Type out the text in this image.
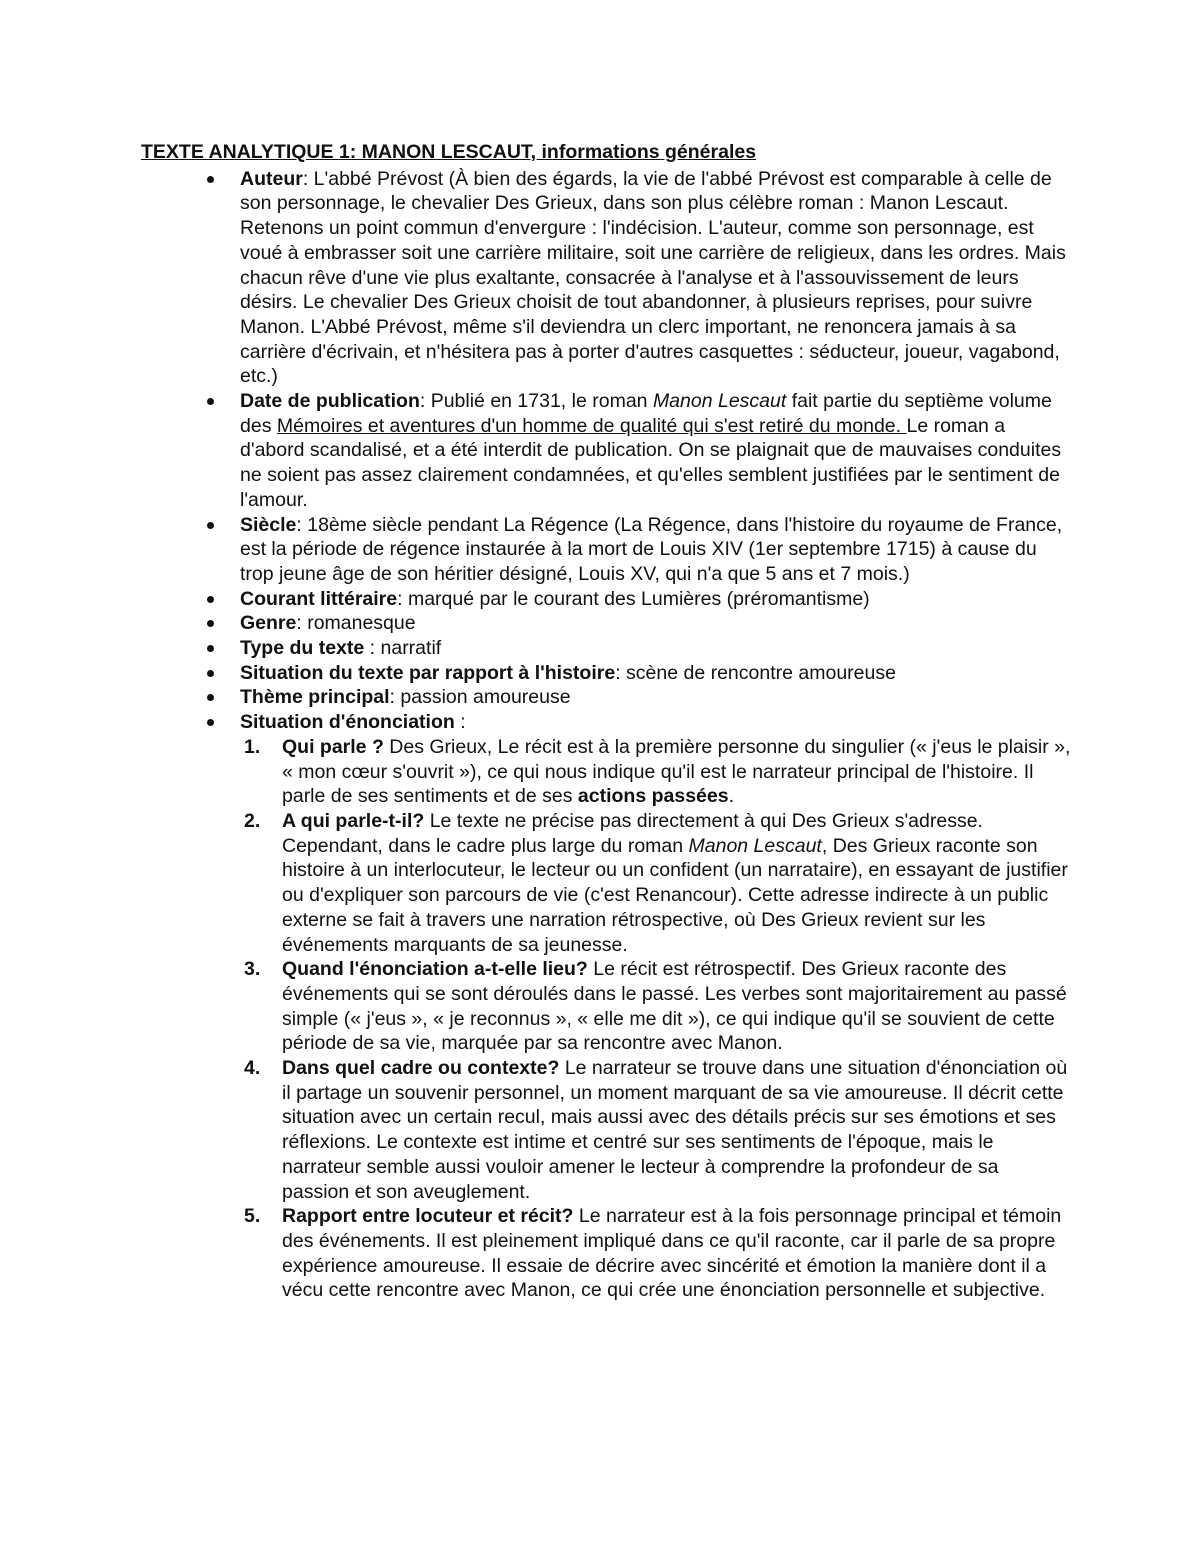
TEXTE ANALYTIQUE 1: MANON LESCAUT, informations générales
Auteur: L'abbé Prévost (À bien des égards, la vie de l'abbé Prévost est comparable à celle de son personnage, le chevalier Des Grieux, dans son plus célèbre roman : Manon Lescaut. Retenons un point commun d'envergure : l'indécision. L'auteur, comme son personnage, est voué à embrasser soit une carrière militaire, soit une carrière de religieux, dans les ordres. Mais chacun rêve d'une vie plus exaltante, consacrée à l'analyse et à l'assouvissement de leurs désirs. Le chevalier Des Grieux choisit de tout abandonner, à plusieurs reprises, pour suivre Manon. L'Abbé Prévost, même s'il deviendra un clerc important, ne renoncera jamais à sa carrière d'écrivain, et n'hésitera pas à porter d'autres casquettes : séducteur, joueur, vagabond, etc.)
Date de publication: Publié en 1731, le roman Manon Lescaut fait partie du septième volume des Mémoires et aventures d'un homme de qualité qui s'est retiré du monde. Le roman a d'abord scandalisé, et a été interdit de publication. On se plaignait que de mauvaises conduites ne soient pas assez clairement condamnées, et qu'elles semblent justifiées par le sentiment de l'amour.
Siècle: 18ème siècle pendant La Régence (La Régence, dans l'histoire du royaume de France, est la période de régence instaurée à la mort de Louis XIV (1er septembre 1715) à cause du trop jeune âge de son héritier désigné, Louis XV, qui n'a que 5 ans et 7 mois.)
Courant littéraire: marqué par le courant des Lumières (préromantisme)
Genre: romanesque
Type du texte : narratif
Situation du texte par rapport à l'histoire: scène de rencontre amoureuse
Thème principal: passion amoureuse
Situation d'énonciation :
1. Qui parle ? Des Grieux, Le récit est à la première personne du singulier (« j'eus le plaisir », « mon cœur s'ouvrit »), ce qui nous indique qu'il est le narrateur principal de l'histoire. Il parle de ses sentiments et de ses actions passées.
2. A qui parle-t-il? Le texte ne précise pas directement à qui Des Grieux s'adresse. Cependant, dans le cadre plus large du roman Manon Lescaut, Des Grieux raconte son histoire à un interlocuteur, le lecteur ou un confident (un narrataire), en essayant de justifier ou d'expliquer son parcours de vie (c'est Renancour). Cette adresse indirecte à un public externe se fait à travers une narration rétrospective, où Des Grieux revient sur les événements marquants de sa jeunesse.
3. Quand l'énonciation a-t-elle lieu? Le récit est rétrospectif. Des Grieux raconte des événements qui se sont déroulés dans le passé. Les verbes sont majoritairement au passé simple (« j'eus », « je reconnus », « elle me dit »), ce qui indique qu'il se souvient de cette période de sa vie, marquée par sa rencontre avec Manon.
4. Dans quel cadre ou contexte? Le narrateur se trouve dans une situation d'énonciation où il partage un souvenir personnel, un moment marquant de sa vie amoureuse. Il décrit cette situation avec un certain recul, mais aussi avec des détails précis sur ses émotions et ses réflexions. Le contexte est intime et centré sur ses sentiments de l'époque, mais le narrateur semble aussi vouloir amener le lecteur à comprendre la profondeur de sa passion et son aveuglement.
5. Rapport entre locuteur et récit? Le narrateur est à la fois personnage principal et témoin des événements. Il est pleinement impliqué dans ce qu'il raconte, car il parle de sa propre expérience amoureuse. Il essaie de décrire avec sincérité et émotion la manière dont il a vécu cette rencontre avec Manon, ce qui crée une énonciation personnelle et subjective.
